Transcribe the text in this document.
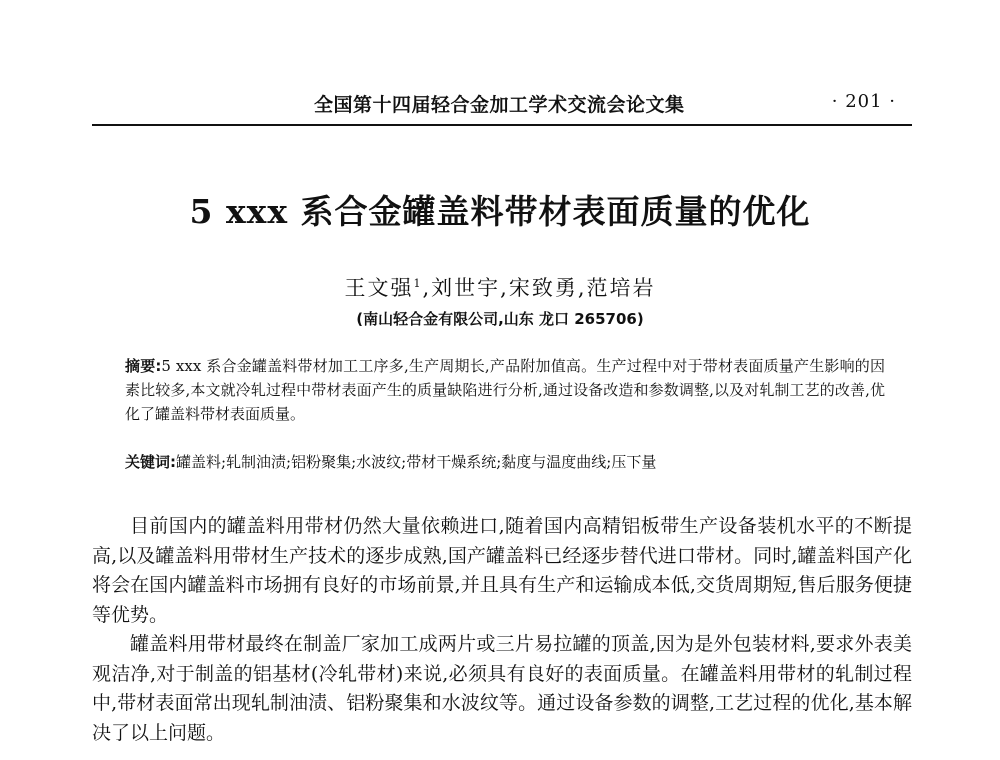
全国第十四届轻合金加工学术交流会论文集	· 201 ·
5 xxx 系合金罐盖料带材表面质量的优化
王文强$^1$,刘世宇,宋致勇,范培岩
(南山轻合金有限公司,山东 龙口 265706)
摘要:5 xxx 系合金罐盖料带材加工工序多,生产周期长,产品附加值高。生产过程中对于带材表面质量产生影响的因素比较多,本文就冷轧过程中带材表面产生的质量缺陷进行分析,通过设备改造和参数调整,以及对轧制工艺的改善,优化了罐盖料带材表面质量。
关键词:罐盖料;轧制油渍;铝粉聚集;水波纹;带材干燥系统;黏度与温度曲线;压下量

目前国内的罐盖料用带材仍然大量依赖进口,随着国内高精铝板带生产设备装机水平的不断提高,以及罐盖料用带材生产技术的逐步成熟,国产罐盖料已经逐步替代进口带材。同时,罐盖料国产化将会在国内罐盖料市场拥有良好的市场前景,并且具有生产和运输成本低,交货周期短,售后服务便捷等优势。

罐盖料用带材最终在制盖厂家加工成两片或三片易拉罐的顶盖,因为是外包装材料,要求外表美观洁净,对于制盖的铝基材(冷轧带材)来说,必须具有良好的表面质量。在罐盖料用带材的轧制过程中,带材表面常出现轧制油渍、铝粉聚集和水波纹等。通过设备参数的调整,工艺过程的优化,基本解决了以上问题。
